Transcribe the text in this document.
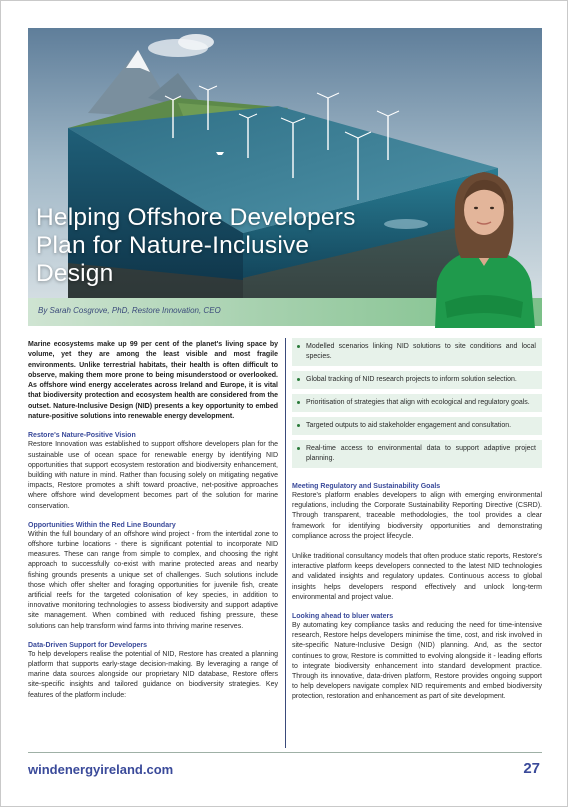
Helping Offshore Developers Plan for Nature-Inclusive Design
By Sarah Cosgrove, PhD, Restore Innovation, CEO

Marine ecosystems make up 99 per cent of the planet's living space by volume, yet they are among the least visible and most fragile environments. Unlike terrestrial habitats, their health is often difficult to observe, making them more prone to being misunderstood or overlooked. As offshore wind energy accelerates across Ireland and Europe, it is vital that biodiversity protection and ecosystem health are considered from the outset. Nature-Inclusive Design (NID) presents a key opportunity to embed nature-positive solutions into renewable energy development.

Restore's Nature-Positive Vision

Restore Innovation was established to support offshore developers plan for the sustainable use of ocean space for renewable energy by identifying NID opportunities that support ecosystem restoration and biodiversity enhancement, building with nature in mind. Rather than focusing solely on mitigating negative impacts, Restore promotes a shift toward proactive, net-positive approaches where offshore wind development becomes part of the solution for marine conservation.

Opportunities Within the Red Line Boundary

Within the full boundary of an offshore wind project - from the intertidal zone to offshore turbine locations - there is significant potential to incorporate NID measures. These can range from simple to complex, and choosing the right approach to successfully co-exist with marine protected areas and nearby fishing grounds presents a unique set of challenges. Such solutions include those which offer shelter and foraging opportunities for juvenile fish, create artificial reefs for the targeted colonisation of key species, in addition to innovative monitoring technologies to assess biodiversity and support adaptive site management. When combined with reduced fishing pressure, these solutions can help transform wind farms into thriving marine reserves.

Data-Driven Support for Developers

To help developers realise the potential of NID, Restore has created a planning platform that supports early-stage decision-making. By leveraging a range of marine data sources alongside our proprietary NID database, Restore offers site-specific insights and tailored guidance on biodiversity strategies. Key features of the platform include:

Modelled scenarios linking NID solutions to site conditions and local species.
Global tracking of NID research projects to inform solution selection.
Prioritisation of strategies that align with ecological and regulatory goals.
Targeted outputs to aid stakeholder engagement and consultation.
Real-time access to environmental data to support adaptive project planning.
Meeting Regulatory and Sustainability Goals

Restore's platform enables developers to align with emerging environmental regulations, including the Corporate Sustainability Reporting Directive (CSRD). Through transparent, traceable methodologies, the tool provides a clear framework for identifying biodiversity opportunities and demonstrating compliance across the project lifecycle.

Unlike traditional consultancy models that often produce static reports, Restore's interactive platform keeps developers connected to the latest NID technologies and validated insights and regulatory updates. Continuous access to global insights helps developers respond effectively and unlock long-term environmental and project value.

Looking ahead to bluer waters

By automating key compliance tasks and reducing the need for time-intensive research, Restore helps developers minimise the time, cost, and risk involved in site-specific Nature-Inclusive Design (NID) planning. And, as the sector continues to grow, Restore is committed to evolving alongside it - leading efforts to integrate biodiversity enhancement into standard development practice. Through its innovative, data-driven platform, Restore provides ongoing support to help developers navigate complex NID requirements and embed biodiversity protection, restoration and enhancement as part of site development.

windenergyireland.com	27
